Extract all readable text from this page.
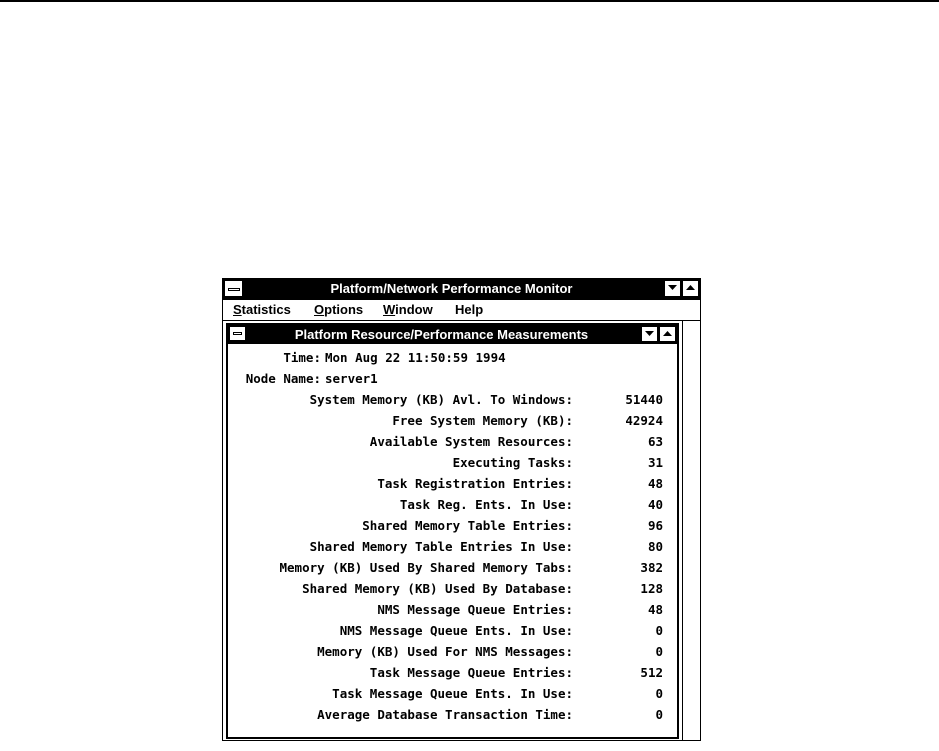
Platform/Network Performance Monitor
Statistics Options Window Help
Platform Resource/Performance Measurements
Time: Mon Aug 22 11:50:59 1994
Node Name: server1
System Memory (KB) Avl. To Windows:	51440
Free System Memory (KB):	42924
Available System Resources:	63
Executing Tasks:	31
Task Registration Entries:	48
Task Reg. Ents. In Use:	40
Shared Memory Table Entries:	96
Shared Memory Table Entries In Use:	80
Memory (KB) Used By Shared Memory Tabs:	382
Shared Memory (KB) Used By Database:	128
NMS Message Queue Entries:	48
NMS Message Queue Ents. In Use:	0
Memory (KB) Used For NMS Messages:	0
Task Message Queue Entries:	512
Task Message Queue Ents. In Use:	0
Average Database Transaction Time:	0
